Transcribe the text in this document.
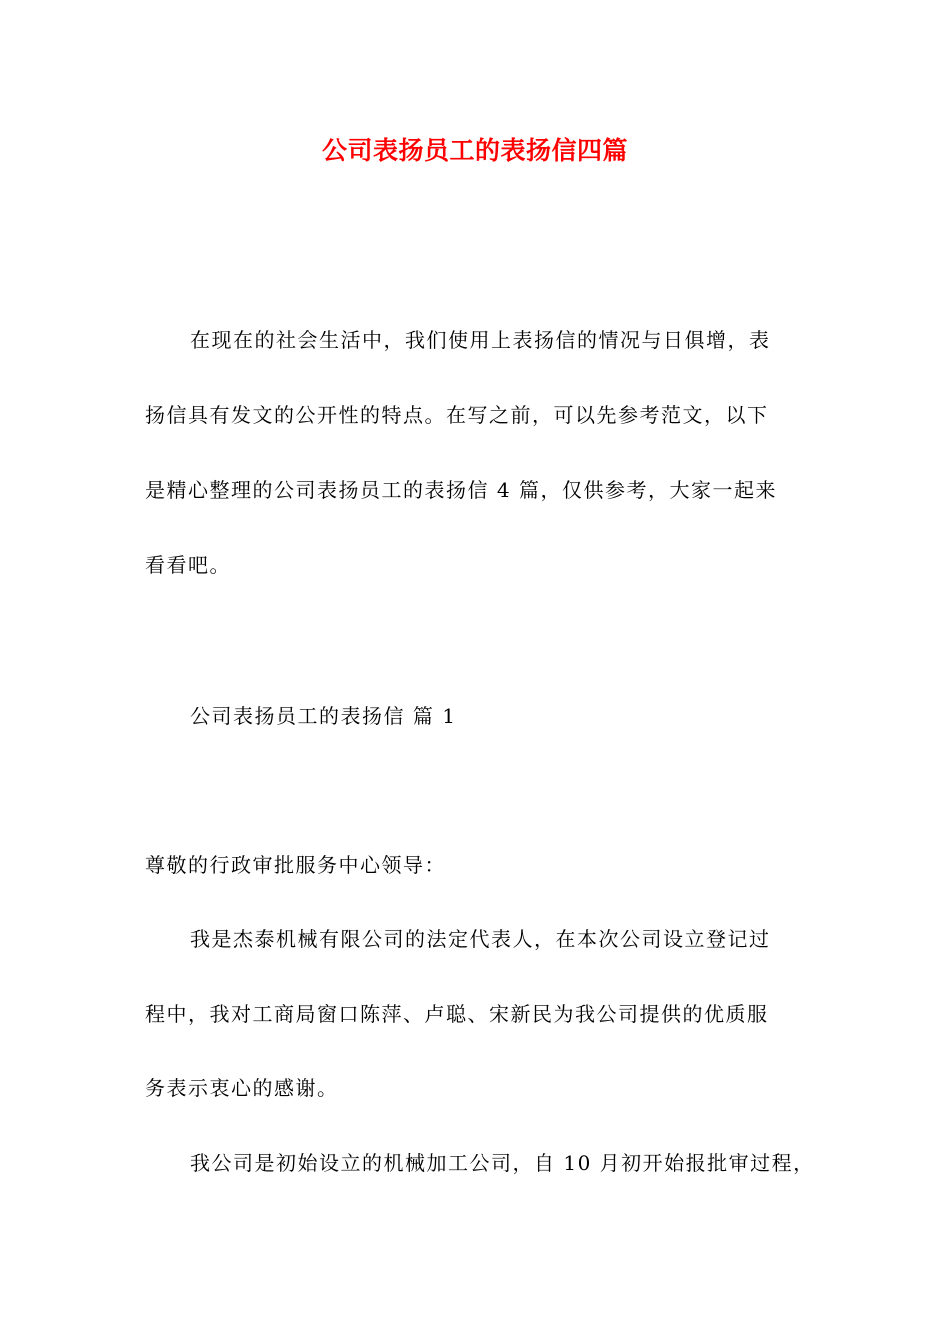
公司表扬员工的表扬信四篇
在现在的社会生活中，我们使用上表扬信的情况与日俱增，表
扬信具有发文的公开性的特点。在写之前，可以先参考范文，以下
是精心整理的公司表扬员工的表扬信 4 篇，仅供参考，大家一起来
看看吧。
公司表扬员工的表扬信 篇 1
尊敬的行政审批服务中心领导：
我是杰泰机械有限公司的法定代表人，在本次公司设立登记过
程中，我对工商局窗口陈萍、卢聪、宋新民为我公司提供的优质服
务表示衷心的感谢。
我公司是初始设立的机械加工公司，自 10 月初开始报批审过程，
